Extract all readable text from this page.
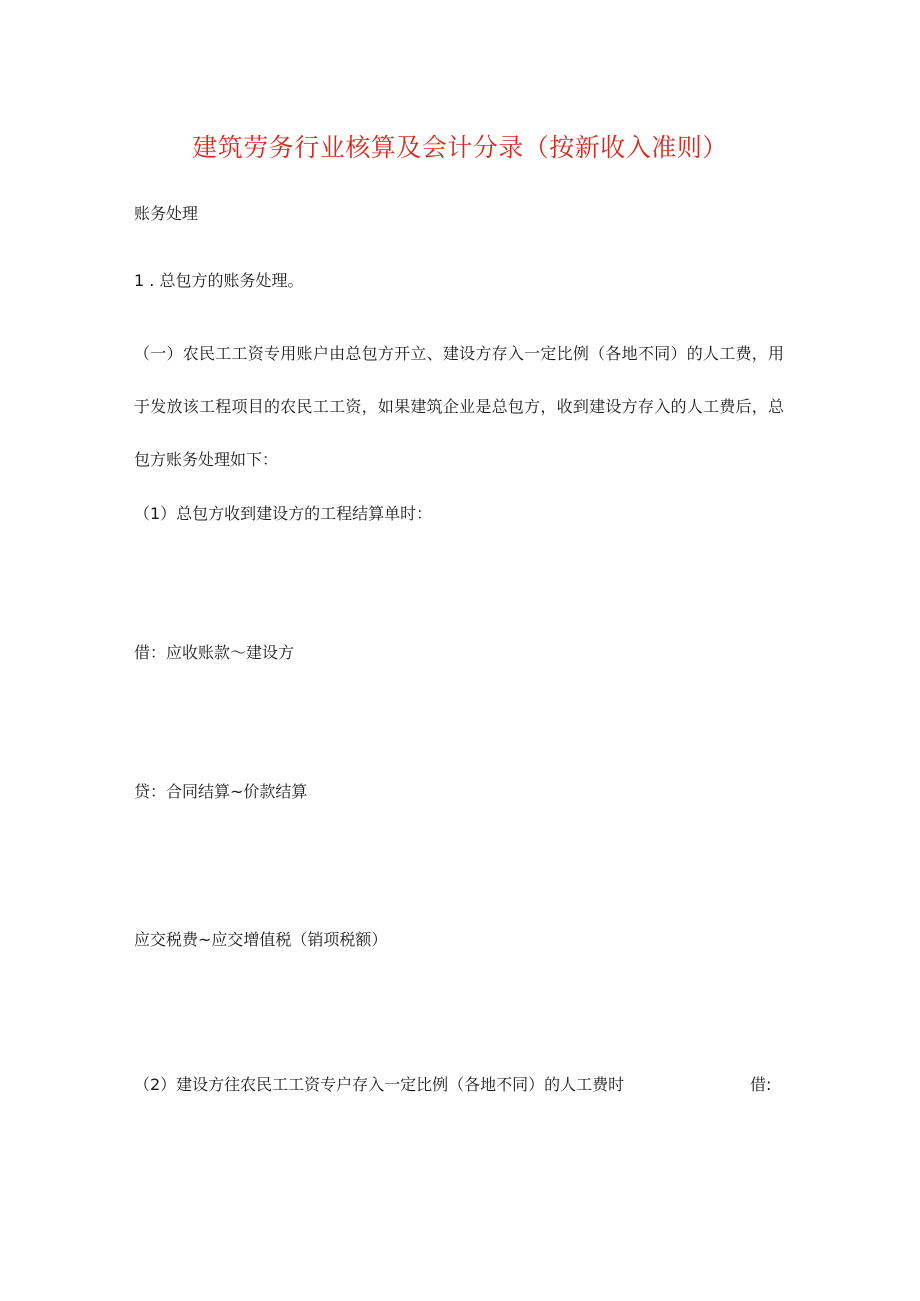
建筑劳务行业核算及会计分录（按新收入准则）
账务处理
1 . 总包方的账务处理。
（一）农民工工资专用账户由总包方开立、建设方存入一定比例（各地不同）的人工费，用于发放该工程项目的农民工工资，如果建筑企业是总包方，收到建设方存入的人工费后，总包方账务处理如下：
（1）总包方收到建设方的工程结算单时：
借：应收账款〜建设方
贷：合同结算~价款结算
应交税费~应交增值税（销项税额）
（2）建设方往农民工工资专户存入一定比例（各地不同）的人工费时	借:
